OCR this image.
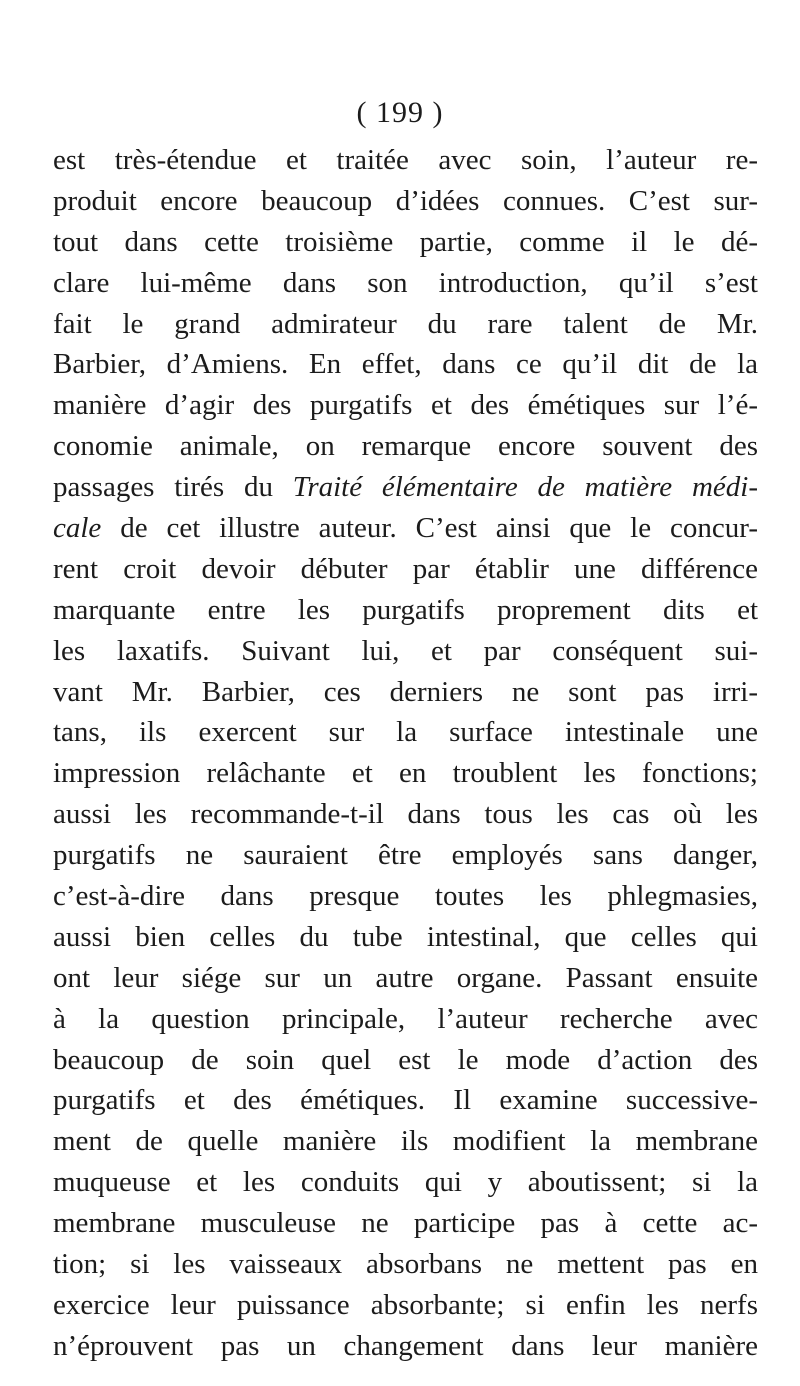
( 199 )
est très-étendue et traitée avec soin, l’auteur re-
produit encore beaucoup d’idées connues. C’est sur-
tout dans cette troisième partie, comme il le dé-
clare lui-même dans son introduction, qu’il s’est
fait le grand admirateur du rare talent de Mr.
Barbier, d’Amiens. En effet, dans ce qu’il dit de la
manière d’agir des purgatifs et des émétiques sur l’é-
conomie animale, on remarque encore souvent des
passages tirés du Traité élémentaire de matière médi-
cale de cet illustre auteur. C’est ainsi que le concur-
rent croit devoir débuter par établir une différence
marquante entre les purgatifs proprement dits et
les laxatifs. Suivant lui, et par conséquent sui-
vant Mr. Barbier, ces derniers ne sont pas irri-
tans, ils exercent sur la surface intestinale une
impression relâchante et en troublent les fonctions;
aussi les recommande-t-il dans tous les cas où les
purgatifs ne sauraient être employés sans danger,
c’est-à-dire dans presque toutes les phlegmasies,
aussi bien celles du tube intestinal, que celles qui
ont leur siége sur un autre organe. Passant ensuite
à la question principale, l’auteur recherche avec
beaucoup de soin quel est le mode d’action des
purgatifs et des émétiques. Il examine successive-
ment de quelle manière ils modifient la membrane
muqueuse et les conduits qui y aboutissent; si la
membrane musculeuse ne participe pas à cette ac-
tion; si les vaisseaux absorbans ne mettent pas en
exercice leur puissance absorbante; si enfin les nerfs
n’éprouvent pas un changement dans leur manière
